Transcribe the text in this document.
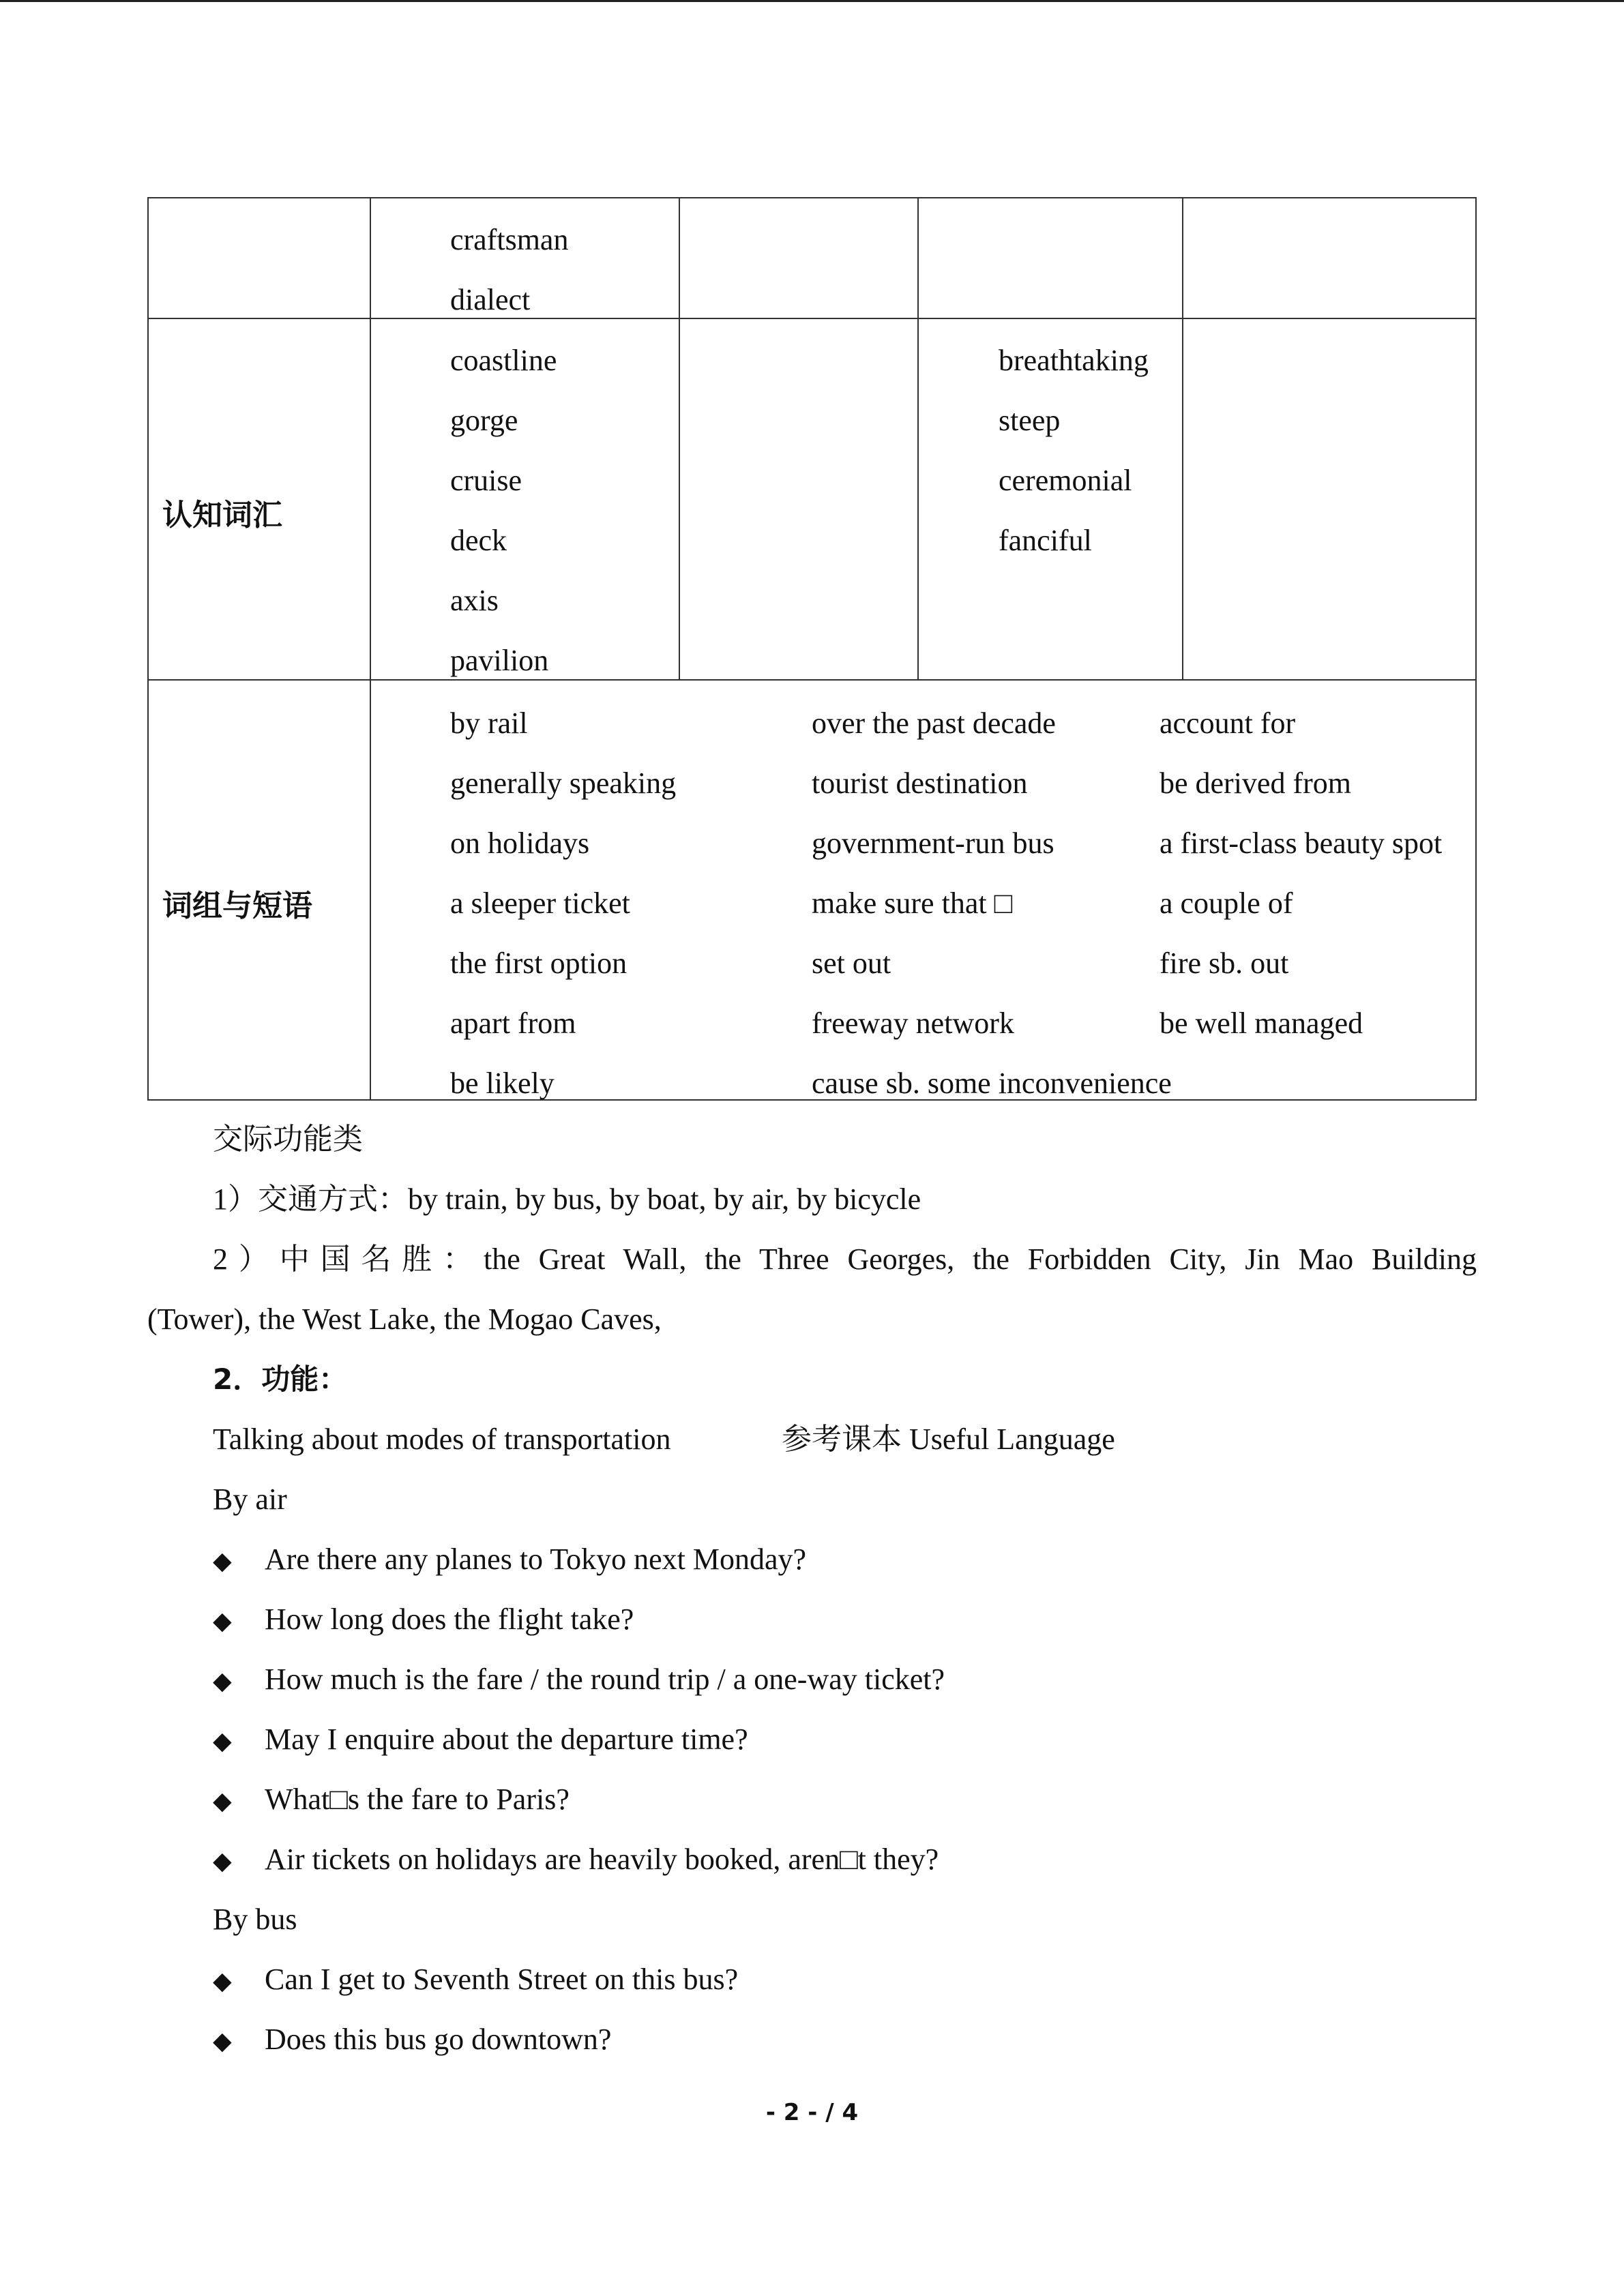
craftsman
dialect
认知词汇
coastline
gorge
cruise
deck
axis
pavilion
breathtaking
steep
ceremonial
fanciful
词组与短语
by rail
generally speaking
on holidays
a sleeper ticket
the first option
apart from
be likely
over the past decade
tourist destination
government-run bus
make sure that □
set out
freeway network
cause sb. some inconvenience
account for
be derived from
a first-class beauty spot
a couple of
fire sb. out
be well managed
交际功能类
1）交通方式：by train, by bus, by boat, by air, by bicycle
2）中国名胜：the Great Wall, the Three Georges, the Forbidden City, Jin Mao Building
(Tower), the West Lake, the Mogao Caves,
2．功能：
Talking about modes of transportation	参考课本 Useful Language
By air
◆ Are there any planes to Tokyo next Monday?
◆ How long does the flight take?
◆ How much is the fare / the round trip / a one-way ticket?
◆ May I enquire about the departure time?
◆ What□s the fare to Paris?
◆ Air tickets on holidays are heavily booked, aren□t they?
By bus
◆ Can I get to Seventh Street on this bus?
◆ Does this bus go downtown?
- 2 - / 4
